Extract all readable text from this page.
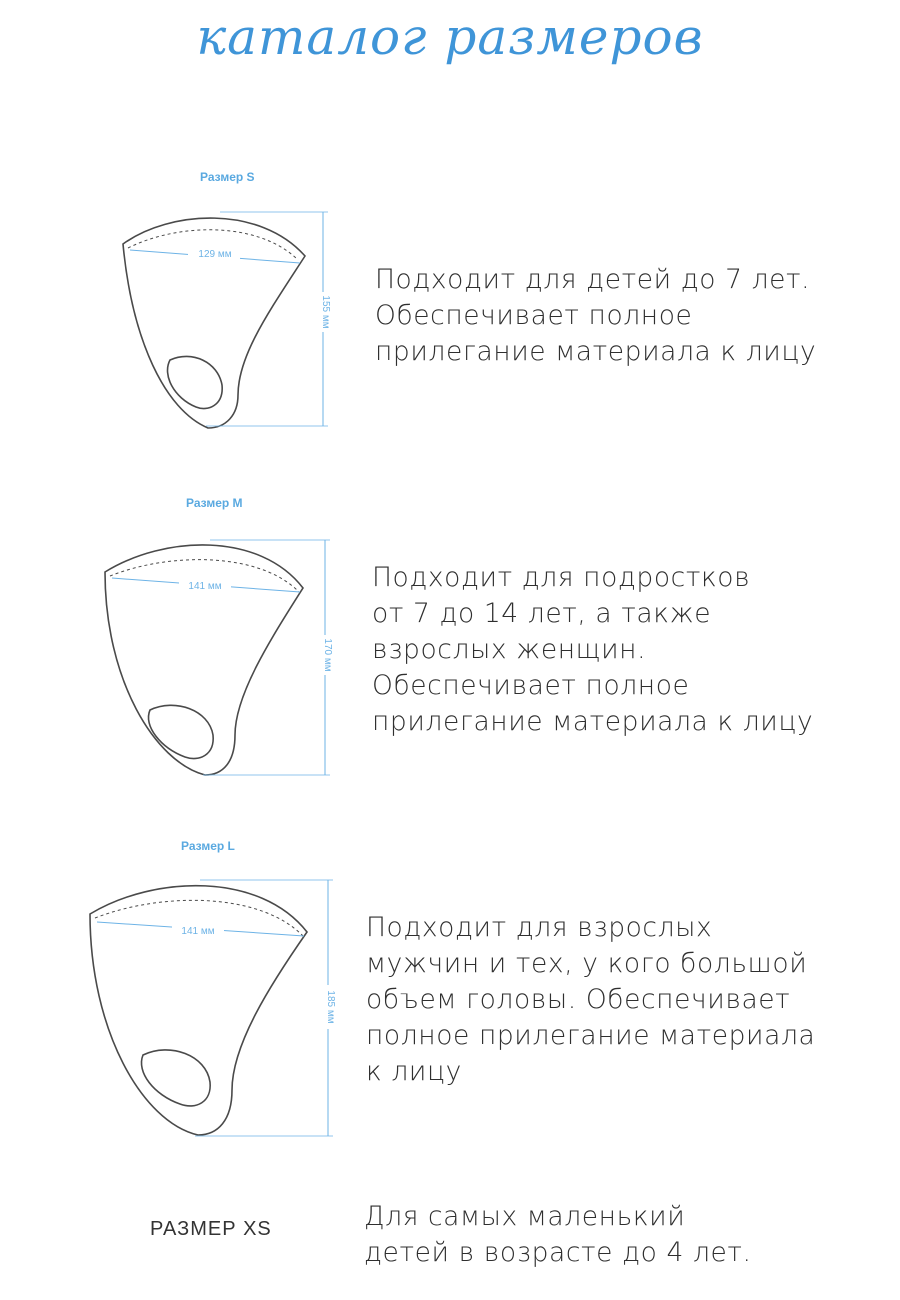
каталог размеров
Размер S
129 мм
155 мм
Подходит для детей до 7 лет.
Обеспечивает полное
прилегание материала к лицу
Размер M
141 мм
170 мм
Подходит для подростков
от 7 до 14 лет, а также
взрослых женщин.
Обеспечивает полное
прилегание материала к лицу
Размер L
141 мм
185 мм
Подходит для взрослых
мужчин и тех, у кого большой
объем головы. Обеспечивает
полное прилегание материала
к лицу
РАЗМЕР XS	Для самых маленький
детей в возрасте до 4 лет.
